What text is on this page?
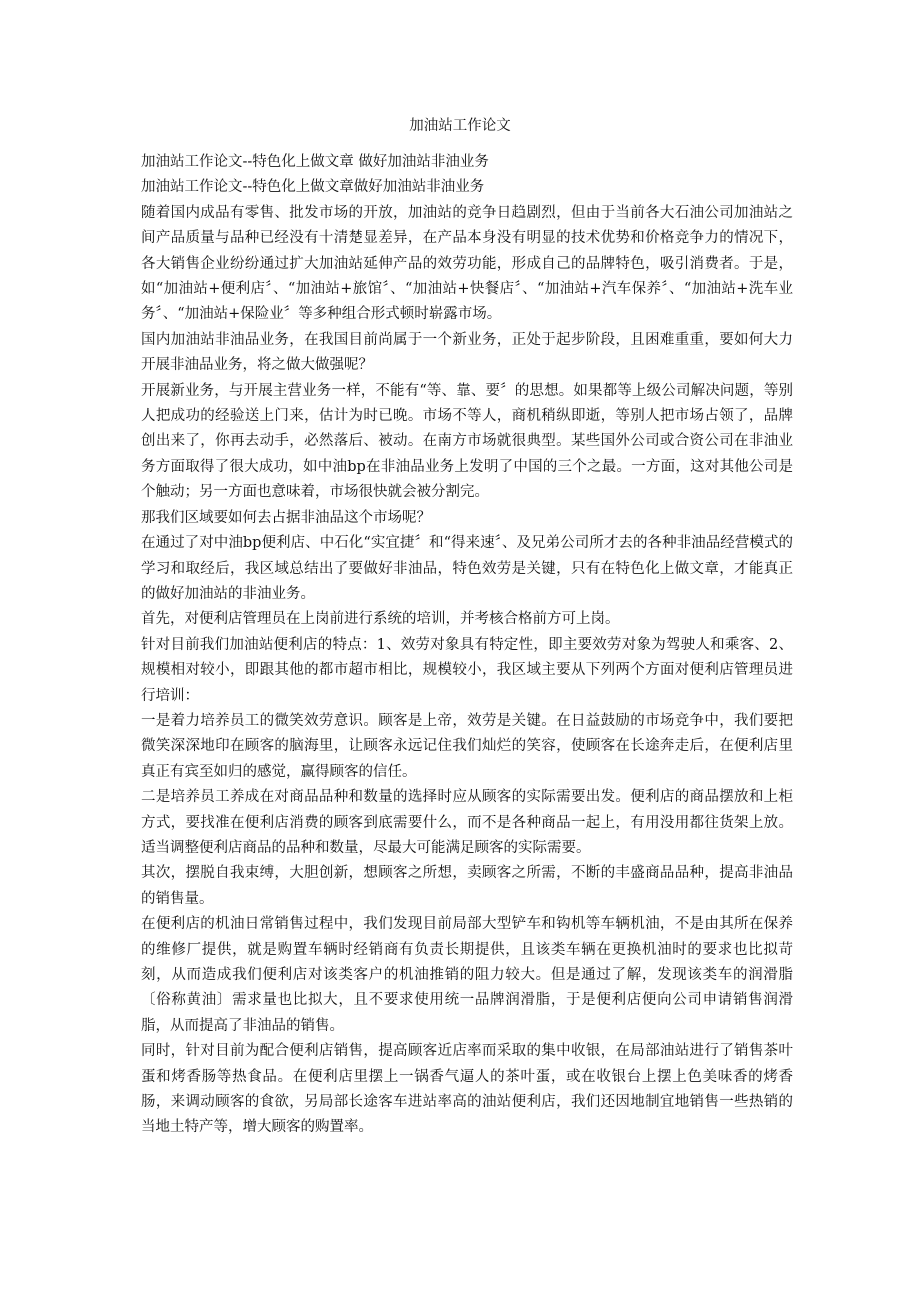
加油站工作论文

加油站工作论文--特色化上做文章 做好加油站非油业务

加油站工作论文--特色化上做文章做好加油站非油业务

随着国内成品有零售、批发市场的开放，加油站的竞争日趋剧烈，但由于当前各大石油公司加油站之间产品质量与品种已经没有十清楚显差异，在产品本身没有明显的技术优势和价格竞争力的情况下，各大销售企业纷纷通过扩大加油站延伸产品的效劳功能，形成自己的品牌特色，吸引消费者。于是，如“加油站+便利店〞、“加油站+旅馆〞、“加油站+快餐店〞、“加油站+汽车保养〞、“加油站+洗车业务〞、“加油站+保险业〞等多种组合形式顿时崭露市场。

国内加油站非油品业务，在我国目前尚属于一个新业务，正处于起步阶段，且困难重重，要如何大力开展非油品业务，将之做大做强呢？

开展新业务，与开展主营业务一样，不能有“等、靠、要〞的思想。如果都等上级公司解决问题，等别人把成功的经验送上门来，估计为时已晚。市场不等人，商机稍纵即逝，等别人把市场占领了，品牌创出来了，你再去动手，必然落后、被动。在南方市场就很典型。某些国外公司或合资公司在非油业务方面取得了很大成功，如中油bp在非油品业务上发明了中国的三个之最。一方面，这对其他公司是个触动；另一方面也意味着，市场很快就会被分割完。

那我们区域要如何去占据非油品这个市场呢？

在通过了对中油bp便利店、中石化“实宜捷〞和“得来速〞、及兄弟公司所才去的各种非油品经营模式的学习和取经后，我区域总结出了要做好非油品，特色效劳是关键，只有在特色化上做文章，才能真正的做好加油站的非油业务。

首先，对便利店管理员在上岗前进行系统的培训，并考核合格前方可上岗。

针对目前我们加油站便利店的特点：1、效劳对象具有特定性，即主要效劳对象为驾驶人和乘客、2、规模相对较小，即跟其他的都市超市相比，规模较小，我区域主要从下列两个方面对便利店管理员进行培训：

一是着力培养员工的微笑效劳意识。顾客是上帝，效劳是关键。在日益鼓励的市场竞争中，我们要把微笑深深地印在顾客的脑海里，让顾客永远记住我们灿烂的笑容，使顾客在长途奔走后，在便利店里真正有宾至如归的感觉，赢得顾客的信任。

二是培养员工养成在对商品品种和数量的选择时应从顾客的实际需要出发。便利店的商品摆放和上柜方式，要找准在便利店消费的顾客到底需要什么，而不是各种商品一起上，有用没用都往货架上放。适当调整便利店商品的品种和数量，尽最大可能满足顾客的实际需要。

其次，摆脱自我束缚，大胆创新，想顾客之所想，卖顾客之所需，不断的丰盛商品品种，提高非油品的销售量。

在便利店的机油日常销售过程中，我们发现目前局部大型铲车和钩机等车辆机油，不是由其所在保养的维修厂提供，就是购置车辆时经销商有负责长期提供，且该类车辆在更换机油时的要求也比拟苛刻，从而造成我们便利店对该类客户的机油推销的阻力较大。但是通过了解，发现该类车的润滑脂〔俗称黄油〕需求量也比拟大，且不要求使用统一品牌润滑脂，于是便利店便向公司申请销售润滑脂，从而提高了非油品的销售。

同时，针对目前为配合便利店销售，提高顾客近店率而采取的集中收银，在局部油站进行了销售茶叶蛋和烤香肠等热食品。在便利店里摆上一锅香气逼人的茶叶蛋，或在收银台上摆上色美味香的烤香肠，来调动顾客的食欲，另局部长途客车进站率高的油站便利店，我们还因地制宜地销售一些热销的当地土特产等，增大顾客的购置率。
